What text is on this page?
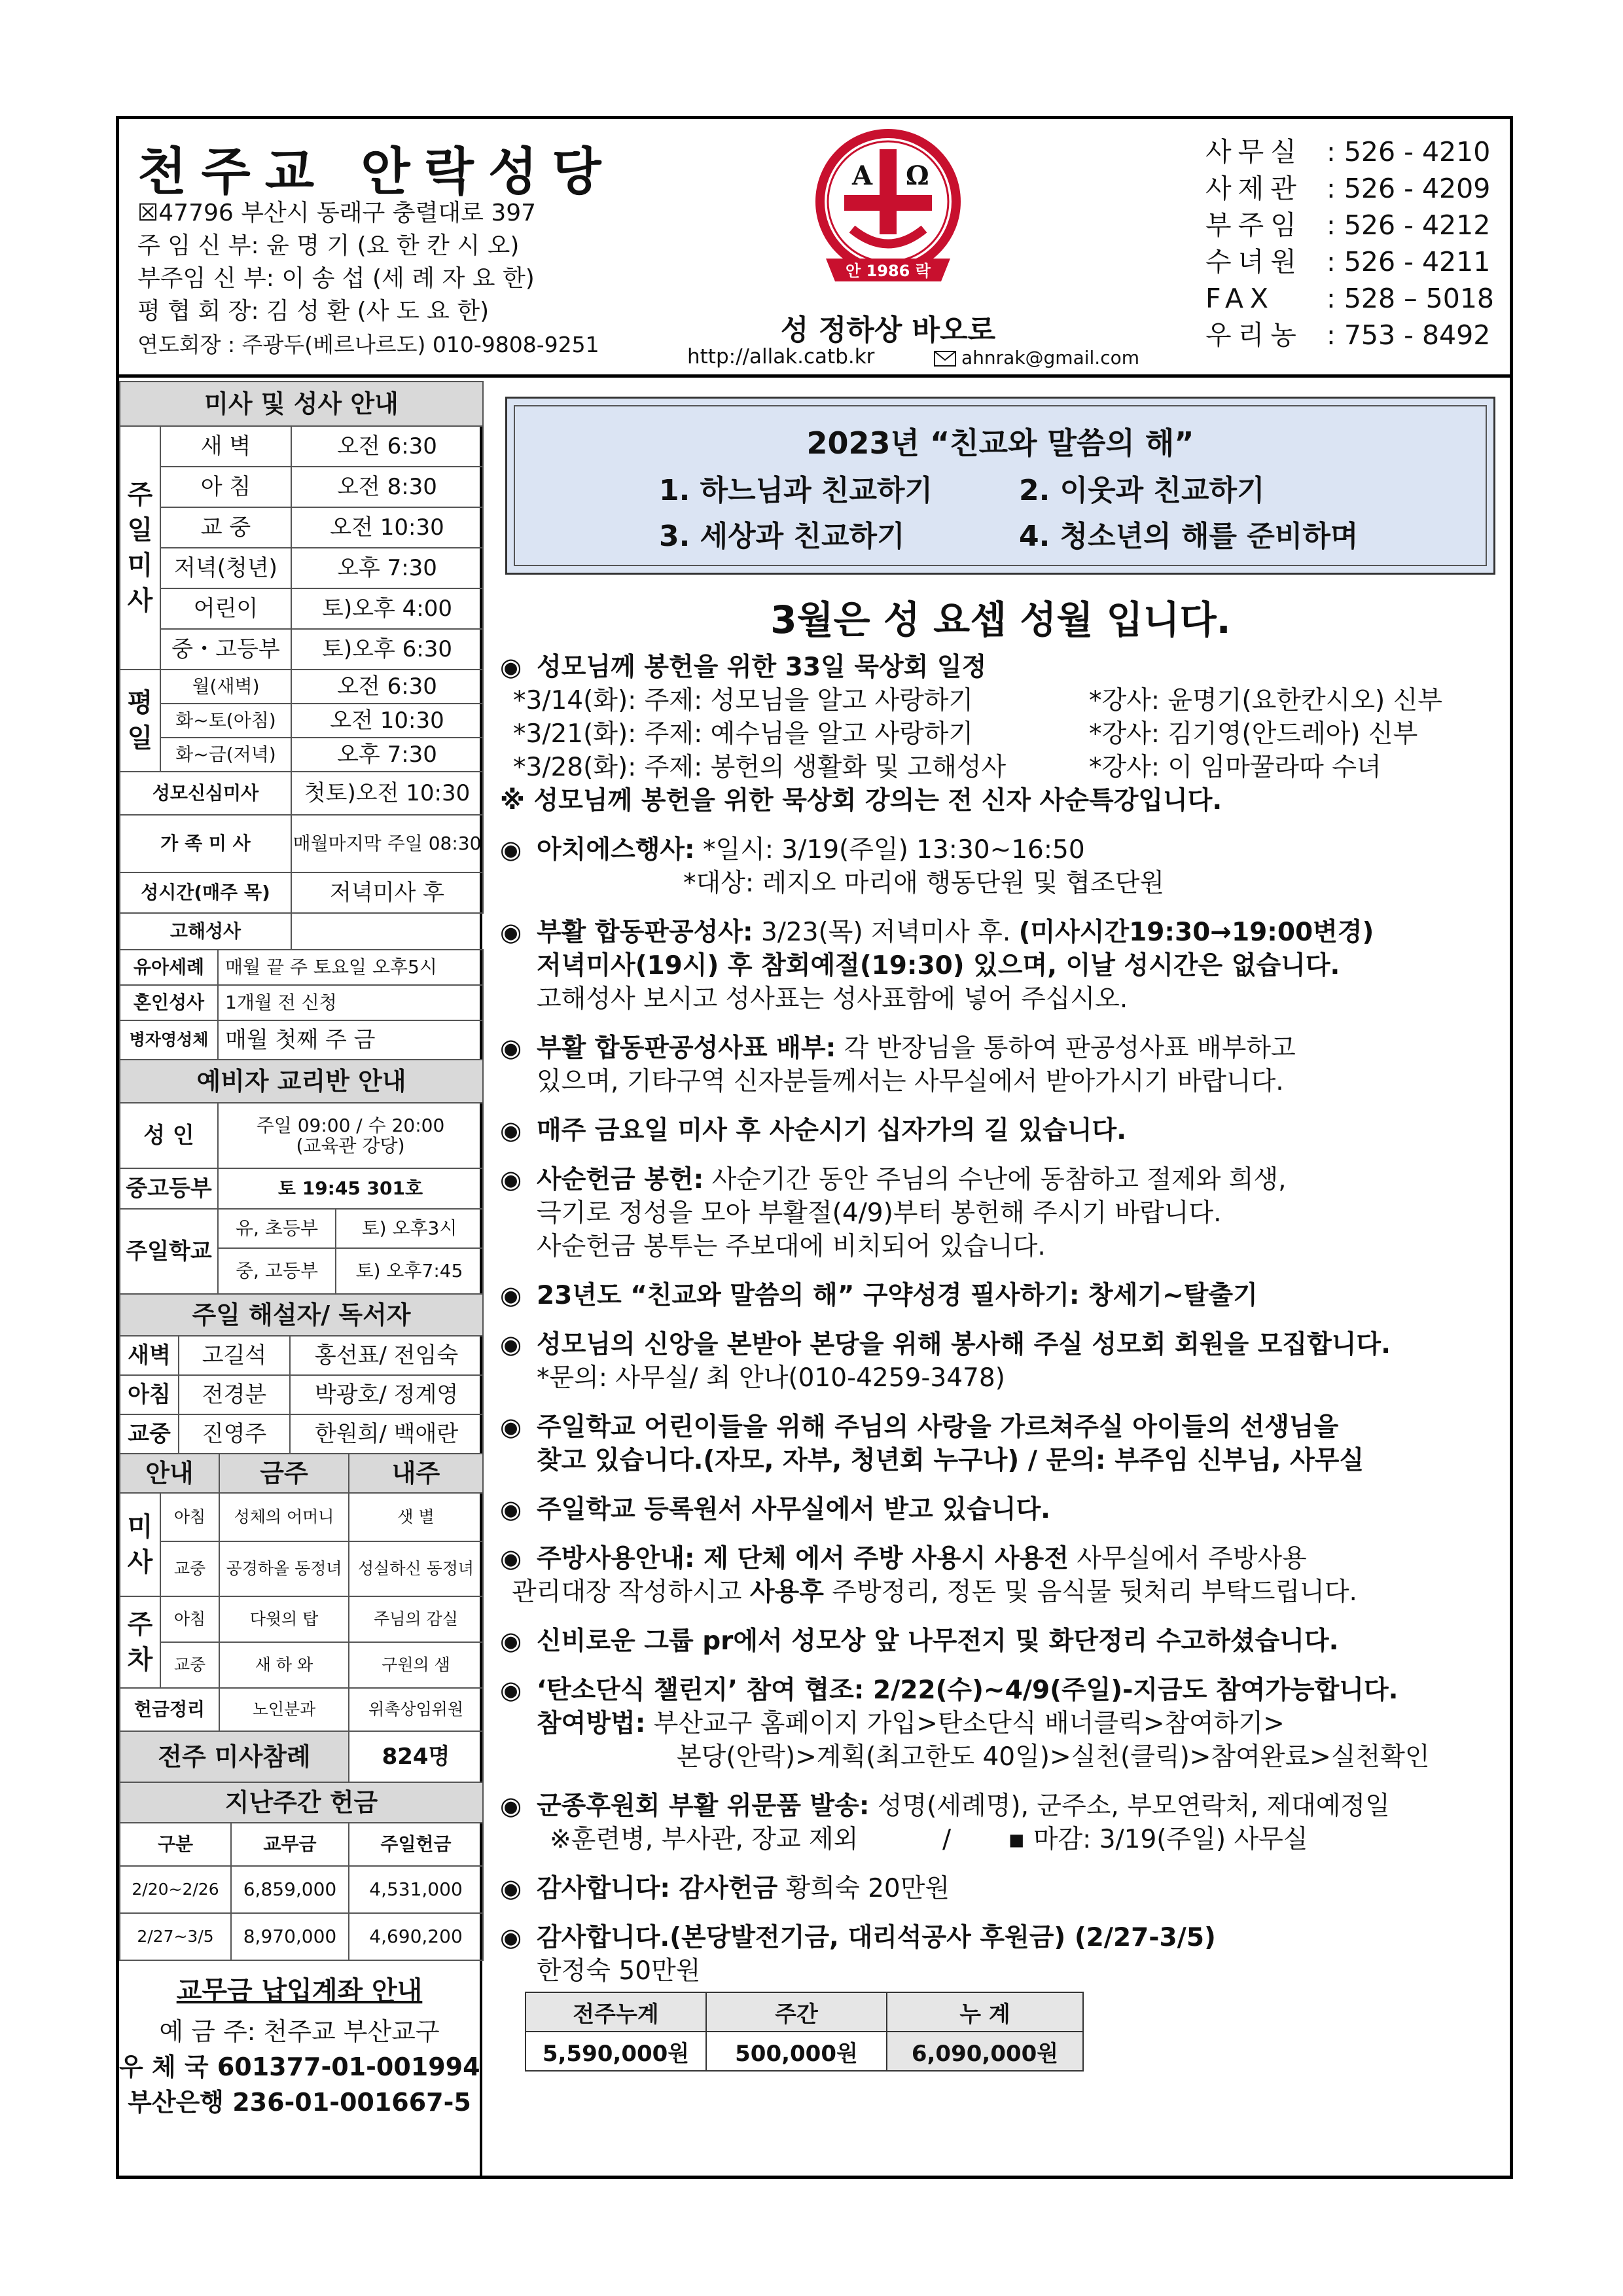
천주교 안락성당
☒47796 부산시 동래구 충렬대로 397
주 임 신 부: 윤 명 기 (요 한 칸 시 오)
부주임 신 부: 이 송 섭 (세 례 자 요 한)
평 협 회 장: 김 성 환 (사 도 요 한)
연도회장 : 주광두(베르나르도) 010-9808-9251
A Ω
안 1986 락
성 정하상 바오로
http://allak.catb.kr	ahnrak@gmail.com
사무실 : 526 - 4210
사제관 : 526 - 4209
부주임 : 526 - 4212
수녀원 : 526 - 4211
FAX : 528 – 5018
우리농 : 753 - 8492
미사 및 성사 안내		
주일미사	새 벽	오전 6:30
	아 침	오전 8:30
	교 중	오전 10:30
	저녁(청년)	오후 7:30
	어린이	토)오후 4:00
	중・고등부	토)오후 6:30
평일	월(새벽)	오전 6:30
	화~토(아침)	오전 10:30
	화~금(저녁)	오후 7:30
성모신심미사		첫토)오전 10:30
가 족 미 사		매월마지막 주일 08:30
성시간(매주 목)		저녁미사 후
고해성사	
유아세례	매월 끝 주 토요일 오후5시
혼인성사	1개월 전 신청
병자영성체	매월 첫째 주 금
예비자 교리반 안내		
성 인	주일 09:00 / 수 20:00
(교육관 강당)	
중고등부	토 19:45 301호	
주일학교	유, 초등부	토) 오후3시
	중, 고등부	토) 오후7:45
주일 해설자/ 독서자		
새벽	고길석	홍선표/ 전임숙
아침	전경분	박광호/ 정계영
교중	진영주	한원희/ 백애란
안내		금주	내주
미사	아침	성체의 어머니	샛 별
	교중	공경하올 동정녀	성실하신 동정녀
주차	아침	다윗의 탑	주님의 감실
	교중	새 하 와	구원의 샘
헌금정리		노인분과	위촉상임위원
전주 미사참례	824명
지난주간 헌금		
구분	교무금	주일헌금
2/20~2/26	6,859,000	4,531,000
2/27~3/5	8,970,000	4,690,200
교무금 납입계좌 안내
예 금 주: 천주교 부산교구
우 체 국 601377-01-001994
부산은행 236-01-001667-5
2023년 “친교와 말씀의 해”
1. 하느님과 친교하기	2. 이웃과 친교하기
3. 세상과 친교하기	4. 청소년의 해를 준비하며
3월은 성 요셉 성월 입니다.
◉ 성모님께 봉헌을 위한 33일 묵상회 일정
*3/14(화): 주제: 성모님을 알고 사랑하기	*강사: 윤명기(요한칸시오) 신부
*3/21(화): 주제: 예수님을 알고 사랑하기	*강사: 김기영(안드레아) 신부
*3/28(화): 주제: 봉헌의 생활화 및 고해성사	*강사: 이 임마꿀라따 수녀
※ 성모님께 봉헌을 위한 묵상회 강의는 전 신자 사순특강입니다.
◉ 아치에스행사: *일시: 3/19(주일) 13:30~16:50
*대상: 레지오 마리애 행동단원 및 협조단원
◉ 부활 합동판공성사: 3/23(목) 저녁미사 후. (미사시간19:30→19:00변경)
저녁미사(19시) 후 참회예절(19:30) 있으며, 이날 성시간은 없습니다.
고해성사 보시고 성사표는 성사표함에 넣어 주십시오.
◉ 부활 합동판공성사표 배부: 각 반장님을 통하여 판공성사표 배부하고
있으며, 기타구역 신자분들께서는 사무실에서 받아가시기 바랍니다.
◉ 매주 금요일 미사 후 사순시기 십자가의 길 있습니다.
◉ 사순헌금 봉헌: 사순기간 동안 주님의 수난에 동참하고 절제와 희생,
극기로 정성을 모아 부활절(4/9)부터 봉헌해 주시기 바랍니다.
사순헌금 봉투는 주보대에 비치되어 있습니다.
◉ 23년도 “친교와 말씀의 해” 구약성경 필사하기: 창세기~탈출기
◉ 성모님의 신앙을 본받아 본당을 위해 봉사해 주실 성모회 회원을 모집합니다.
*문의: 사무실/ 최 안나(010-4259-3478)
◉ 주일학교 어린이들을 위해 주님의 사랑을 가르쳐주실 아이들의 선생님을
찾고 있습니다.(자모, 자부, 청년회 누구나) / 문의: 부주임 신부님, 사무실
◉ 주일학교 등록원서 사무실에서 받고 있습니다.
◉ 주방사용안내: 제 단체 에서 주방 사용시 사용전 사무실에서 주방사용
관리대장 작성하시고 사용후 주방정리, 정돈 및 음식물 뒷처리 부탁드립니다.
◉ 신비로운 그룹 pr에서 성모상 앞 나무전지 및 화단정리 수고하셨습니다.
◉ ‘탄소단식 챌린지’ 참여 협조: 2/22(수)~4/9(주일)-지금도 참여가능합니다.
참여방법: 부산교구 홈페이지 가입>탄소단식 배너클릭>참여하기>
본당(안락)>계획(최고한도 40일)>실천(클릭)>참여완료>실천확인
◉ 군종후원회 부활 위문품 발송: 성명(세례명), 군주소, 부모연락처, 제대예정일
※훈련병, 부사관, 장교 제외	/ ▪ 마감: 3/19(주일) 사무실
◉ 감사합니다: 감사헌금 황희숙 20만원
◉ 감사합니다.(본당발전기금, 대리석공사 후원금) (2/27-3/5)
한정숙 50만원
전주누계	주간	누 계
5,590,000원	500,000원	6,090,000원
